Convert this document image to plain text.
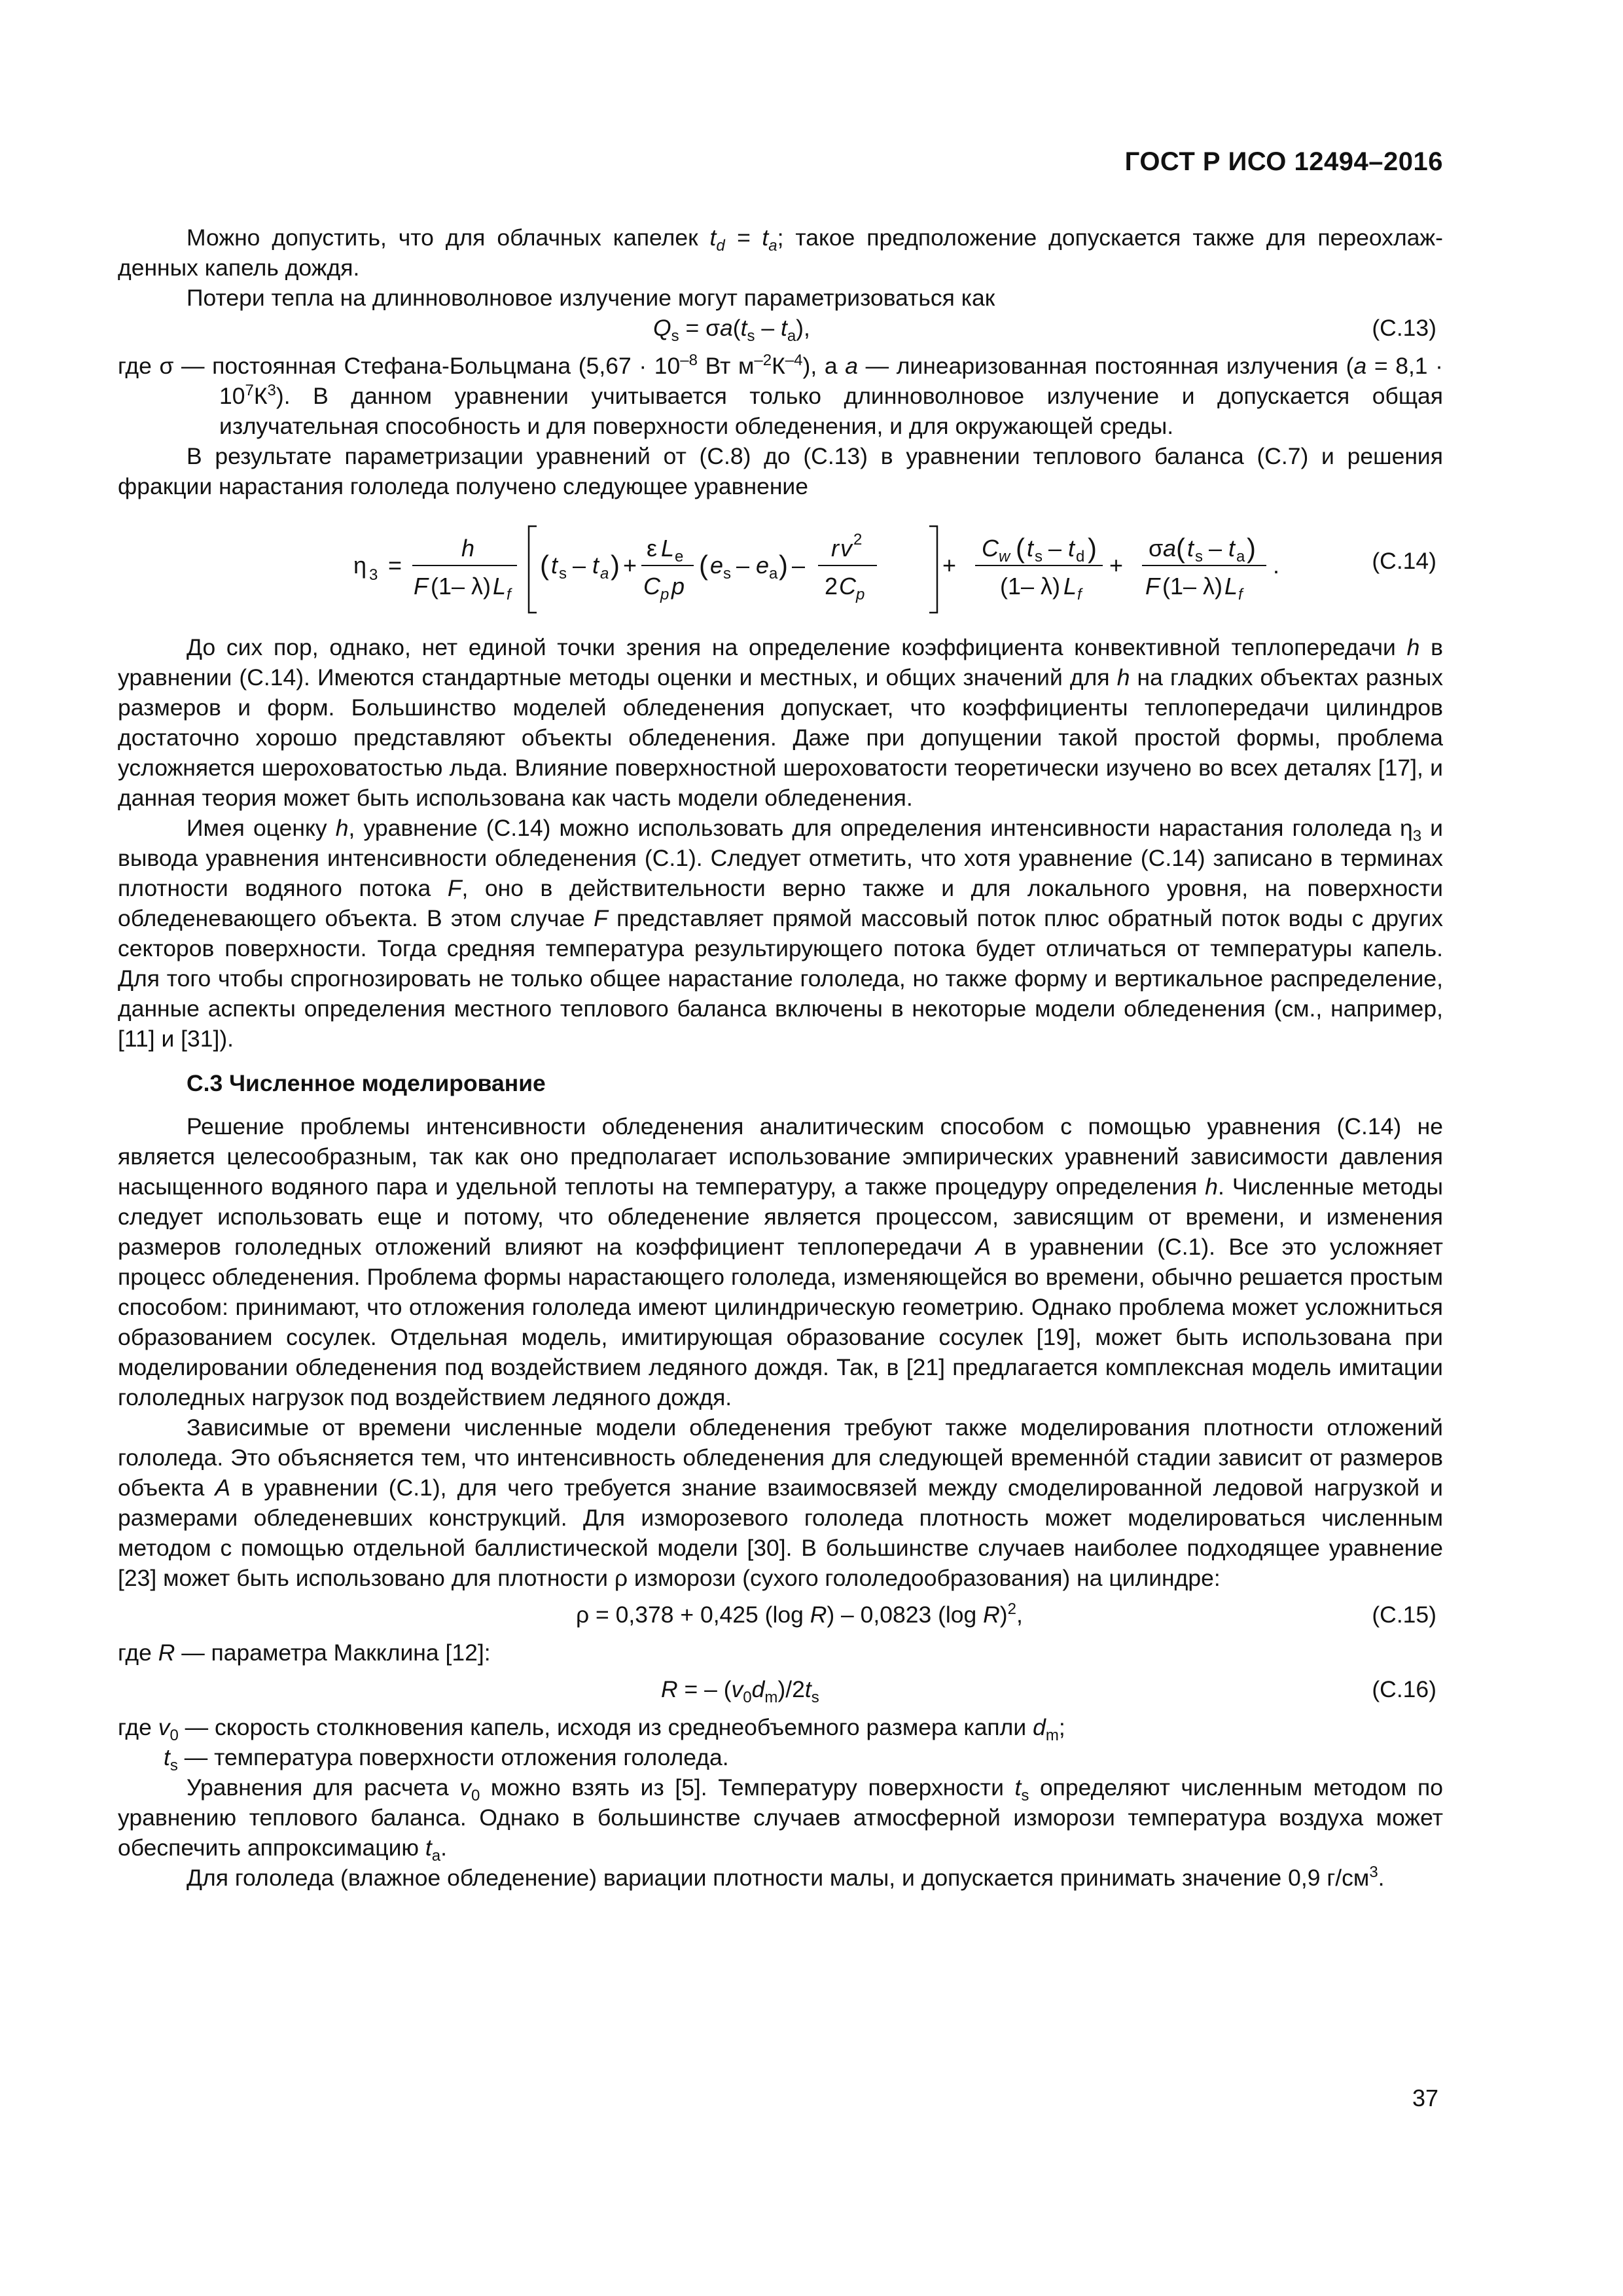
ГОСТ Р ИСО 12494–2016

Можно допустить, что для облачных капелек $t_d = t_a$; такое предположение допускается также для переохлаж-денных капель дождя.

Потери тепла на длинноволновое излучение могут параметризоваться как

$Q_s = \sigma a(t_s - t_a)$,	(C.13)

где σ — постоянная Стефана-Больцмана ($5,67 \cdot 10^{-8}$ Вт $м^{-2}К^{-4}$), а a — линеаризованная постоянная излучения $(a = 8,1 \cdot 10^7К^3)$. В данном уравнении учитывается только длинноволновое излучение и допускается общая излучательная способность и для поверхности обледенения, и для окружающей среды.

В результате параметризации уравнений от (С.8) до (С.13) в уравнении теплового баланса (С.7) и решения фракции нарастания гололеда получено следующее уравнение

η 3 =
h
F (1– λ) L f
( t s – t a ) +
ε L e
C p p
( e s – e a ) –
r v 2
2 C p
+
C w ( t s – t d )
(1– λ) L f
+
σ a ( t s – t a )
F (1– λ) L f
.	(C.14)

До сих пор, однако, нет единой точки зрения на определение коэффициента конвективной теплопередачи h в уравнении (С.14). Имеются стандартные методы оценки и местных, и общих значений для h на гладких объектах разных размеров и форм. Большинство моделей обледенения допускает, что коэффициенты теплопередачи цилиндров достаточно хорошо представляют объекты обледенения. Даже при допущении такой простой формы, проблема усложняется шероховатостью льда. Влияние поверхностной шероховатости теоретически изучено во всех деталях [17], и данная теория может быть использована как часть модели обледенения.

Имея оценку h, уравнение (С.14) можно использовать для определения интенсивности нарастания гололеда $\eta_3$ и вывода уравнения интенсивности обледенения (С.1). Следует отметить, что хотя уравнение (С.14) записано в терминах плотности водяного потока F, оно в действительности верно также и для локального уровня, на поверхности обледеневающего объекта. В этом случае F представляет прямой массовый поток плюс обратный поток воды с других секторов поверхности. Тогда средняя температура результирующего потока будет отличаться от температуры капель. Для того чтобы спрогнозировать не только общее нарастание гололеда, но также форму и вертикальное распределение, данные аспекты определения местного теплового баланса включены в некоторые модели обледенения (см., например, [11] и [31]).

С.3 Численное моделирование

Решение проблемы интенсивности обледенения аналитическим способом с помощью уравнения (С.14) не является целесообразным, так как оно предполагает использование эмпирических уравнений зависимости давления насыщенного водяного пара и удельной теплоты на температуру, а также процедуру определения h. Численные методы следует использовать еще и потому, что обледенение является процессом, зависящим от времени, и изменения размеров гололедных отложений влияют на коэффициент теплопередачи A в уравнении (С.1). Все это усложняет процесс обледенения. Проблема формы нарастающего гололеда, изменяющейся во времени, обычно решается простым способом: принимают, что отложения гололеда имеют цилиндрическую геометрию. Однако проблема может усложниться образованием сосулек. Отдельная модель, имитирующая образование сосулек [19], может быть использована при моделировании обледенения под воздействием ледяного дождя. Так, в [21] предлагается комплексная модель имитации гололедных нагрузок под воздействием ледяного дождя.

Зависимые от времени численные модели обледенения требуют также моделирования плотности отложений гололеда. Это объясняется тем, что интенсивность обледенения для следующей временно́й стадии зависит от размеров объекта A в уравнении (С.1), для чего требуется знание взаимосвязей между смоделированной ледовой нагрузкой и размерами обледеневших конструкций. Для изморозевого гололеда плотность может моделироваться численным методом с помощью отдельной баллистической модели [30]. В большинстве случаев наиболее подходящее уравнение [23] может быть использовано для плотности ρ изморози (сухого гололедообразования) на цилиндре:

ρ = 0,378 + 0,425 (log R) – 0,0823 (log R)$^2$,	(C.15)

где R — параметра Макклина [12]:

R = – $(v_0d_m)/2t_s$	(C.16)

где $v_0$ — скорость столкновения капель, исходя из среднеобъемного размера капли $d_m$;

$t_s$ — температура поверхности отложения гололеда.

Уравнения для расчета $v_0$ можно взять из [5]. Температуру поверхности $t_s$ определяют численным методом по уравнению теплового баланса. Однако в большинстве случаев атмосферной изморози температура воздуха может обеспечить аппроксимацию $t_a$.

Для гололеда (влажное обледенение) вариации плотности малы, и допускается принимать значение 0,9 $г/см^3$.

37
